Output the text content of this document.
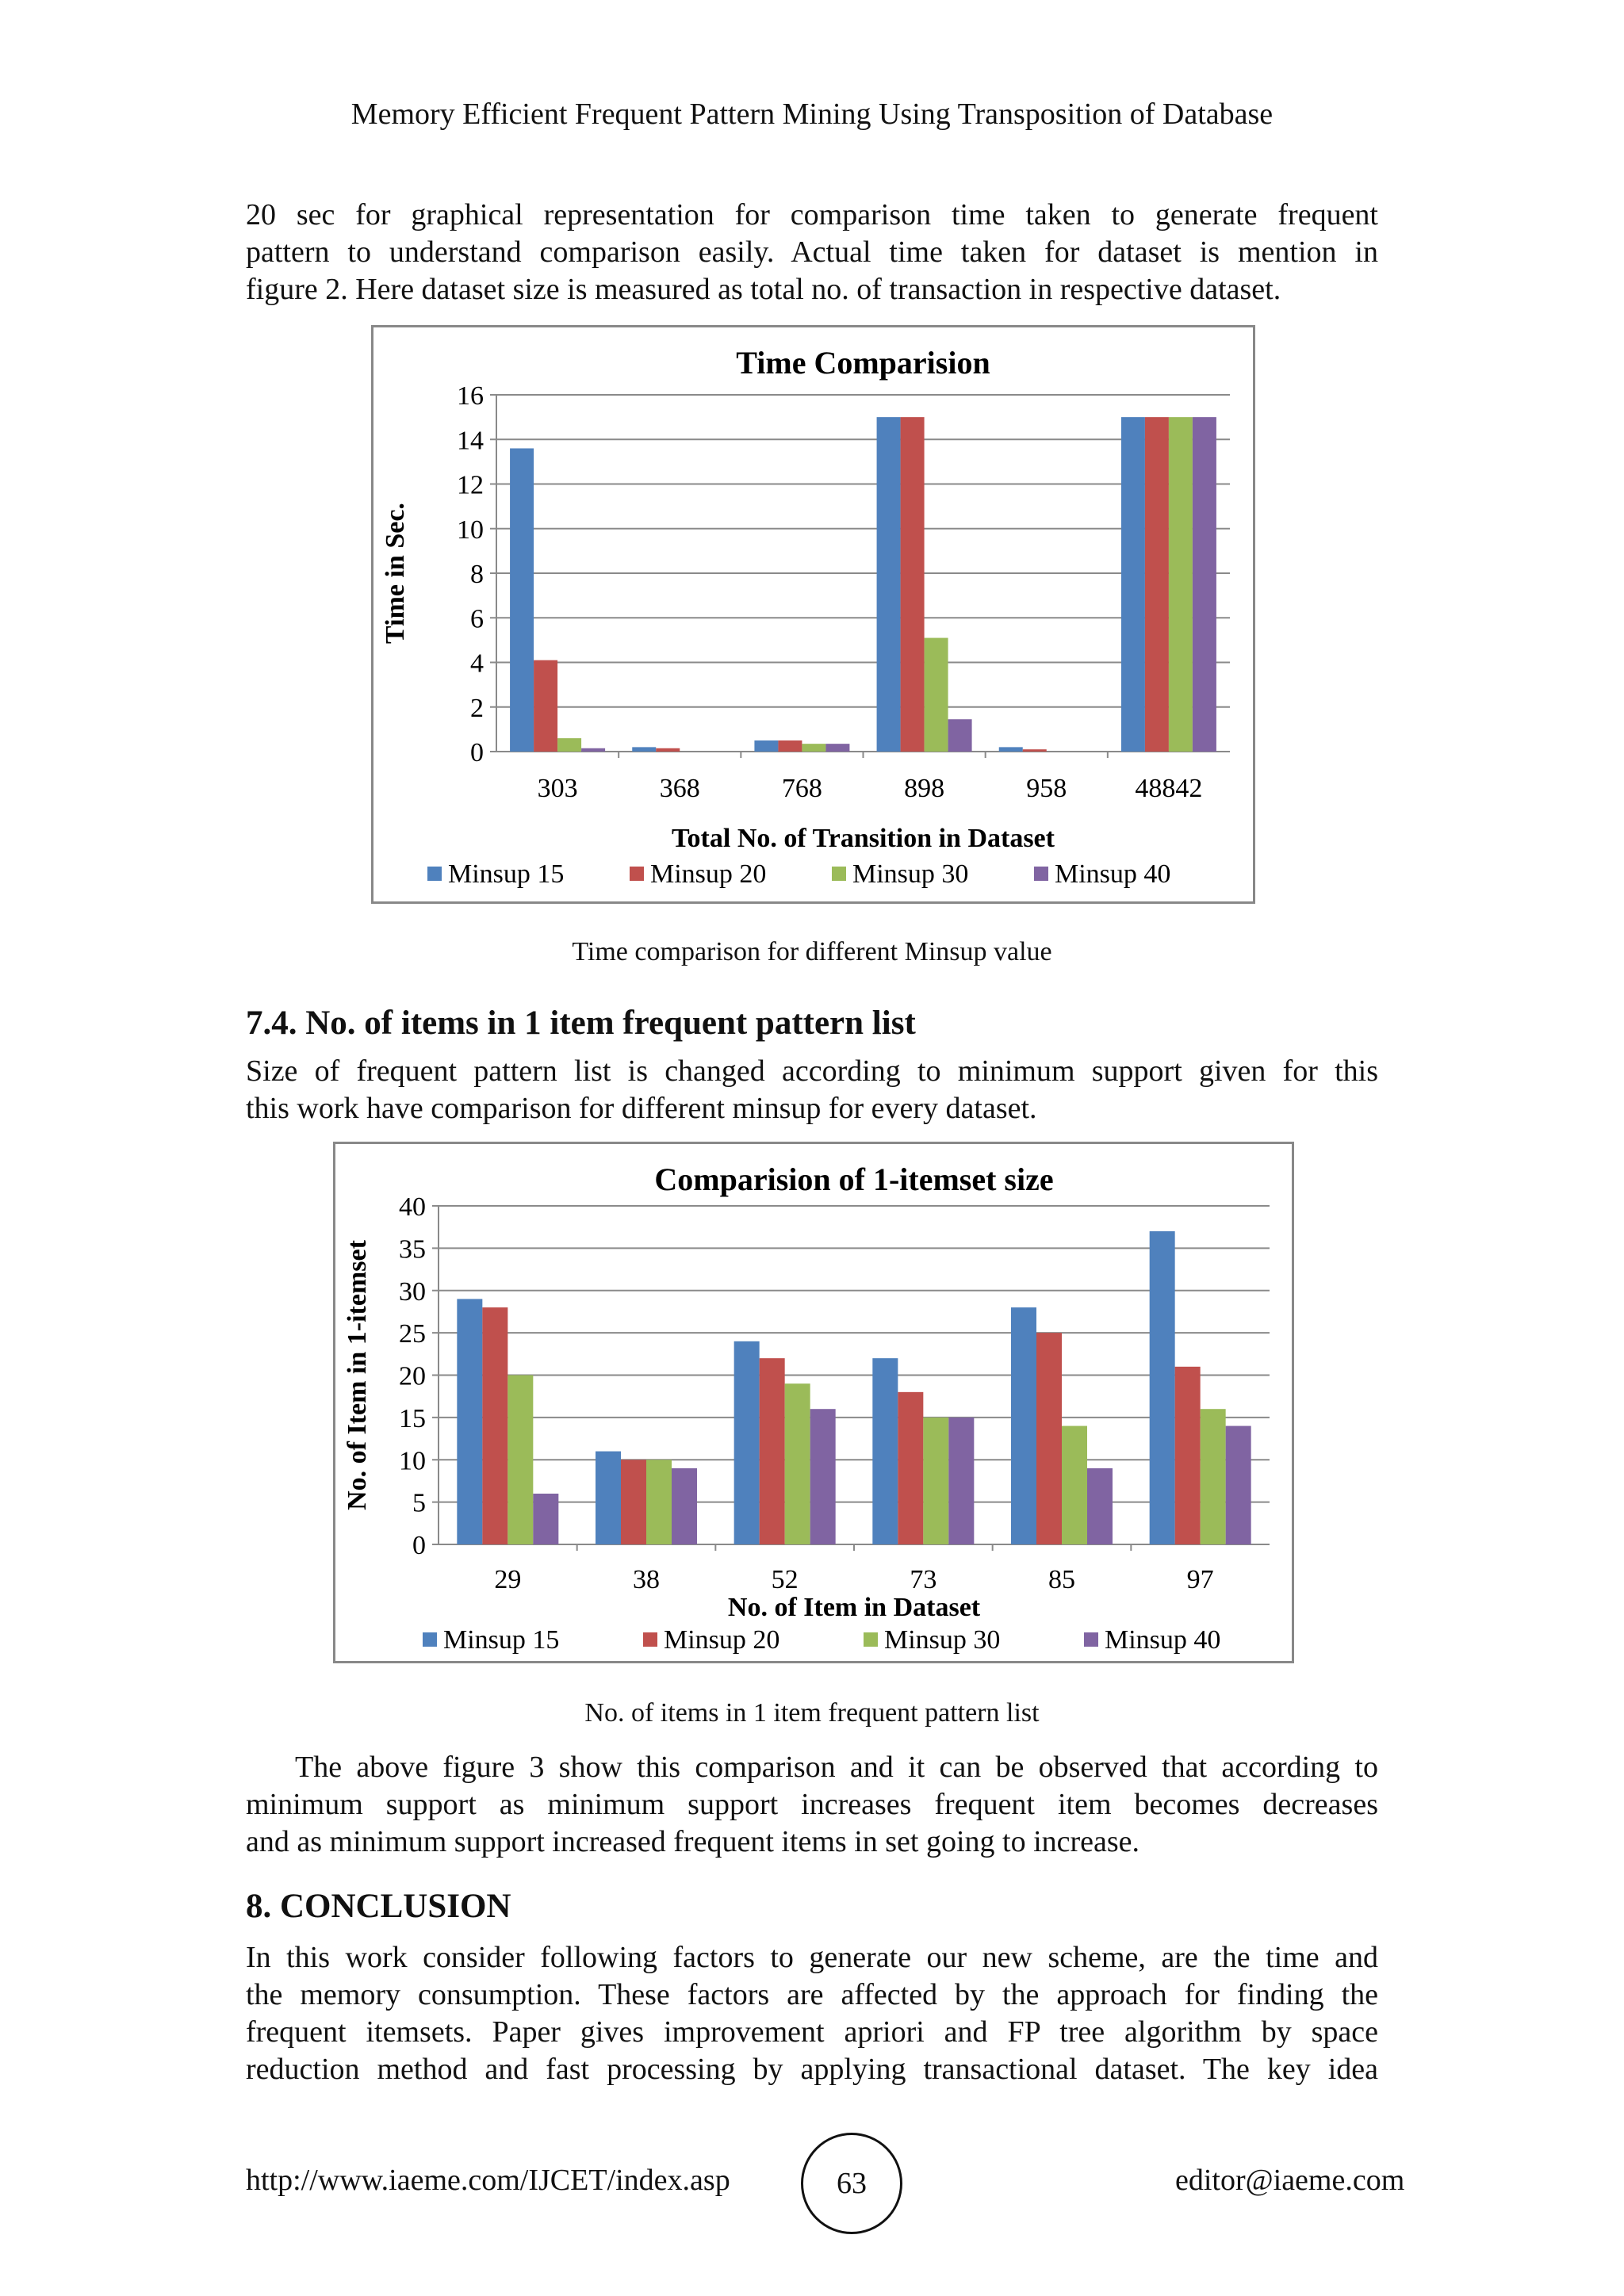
Memory Efficient Frequent Pattern Mining Using Transposition of Database
20 sec for graphical representation for comparison time taken to generate frequent
pattern to understand comparison easily. Actual time taken for dataset is mention in
figure 2. Here dataset size is measured as total no. of transaction in respective dataset.
0
2
4
6
8
10
12
14
16
303	368	768	898	958	48842
Time Comparision
Total No. of Transition in Dataset
Time in Sec.
Minsup 15	Minsup 20	Minsup 30	Minsup 40
Time comparison for different Minsup value
7.4. No. of items in 1 item frequent pattern list
Size of frequent pattern list is changed according to minimum support given for this
this work have comparison for different minsup for every dataset.
0
5
10
15
20
25
30
35
40
29	38	52	73	85	97
Comparision of 1-itemset size
No. of Item in Dataset
No. of Item in 1-itemset
Minsup 15	Minsup 20	Minsup 30	Minsup 40
No. of items in 1 item frequent pattern list
The above figure 3 show this comparison and it can be observed that according to
minimum support as minimum support increases frequent item becomes decreases
and as minimum support increased frequent items in set going to increase.
8. CONCLUSION
In this work consider following factors to generate our new scheme, are the time and
the memory consumption. These factors are affected by the approach for finding the
frequent itemsets. Paper gives improvement apriori and FP tree algorithm by space
reduction method and fast processing by applying transactional dataset. The key idea
http://www.iaeme.com/IJCET/index.asp	63	editor@iaeme.com
